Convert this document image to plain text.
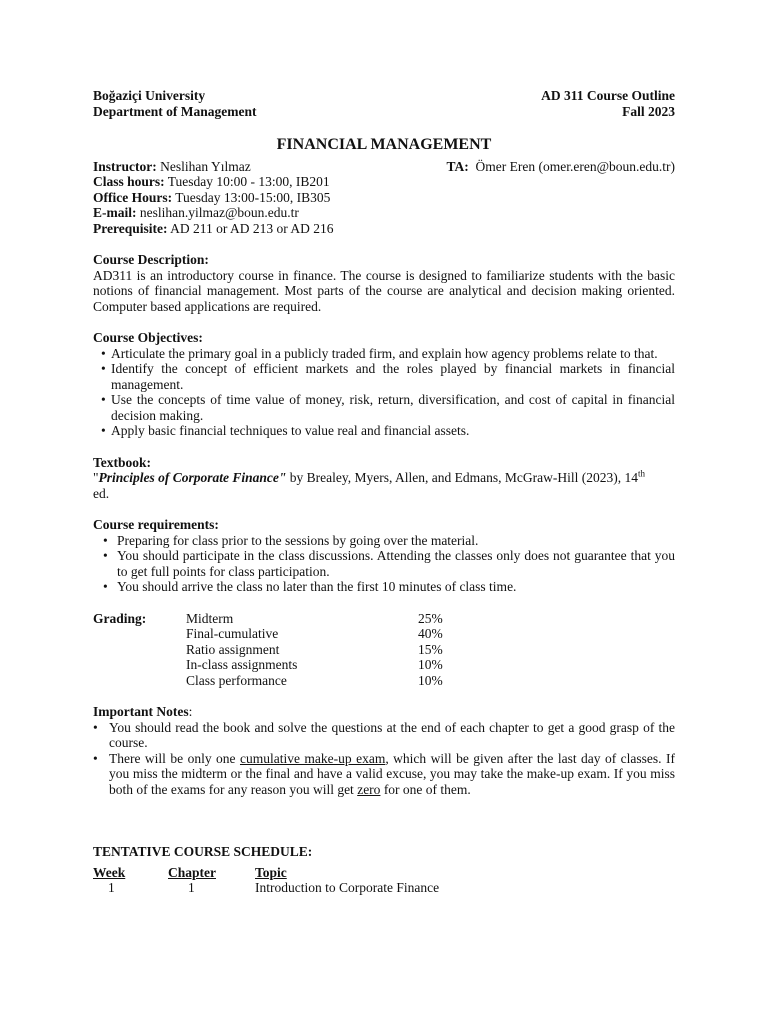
Boğaziçi University
Department of Management
AD 311 Course Outline
Fall 2023
FINANCIAL MANAGEMENT
Instructor: Neslihan Yılmaz	TA: Ömer Eren (omer.eren@boun.edu.tr)
Class hours: Tuesday 10:00 - 13:00, IB201
Office Hours: Tuesday 13:00-15:00, IB305
E-mail: neslihan.yilmaz@boun.edu.tr
Prerequisite: AD 211 or AD 213 or AD 216
Course Description:
AD311 is an introductory course in finance. The course is designed to familiarize students with the basic notions of financial management. Most parts of the course are analytical and decision making oriented. Computer based applications are required.
Course Objectives:
• Articulate the primary goal in a publicly traded firm, and explain how agency problems relate to that.
• Identify the concept of efficient markets and the roles played by financial markets in financial management.
• Use the concepts of time value of money, risk, return, diversification, and cost of capital in financial decision making.
• Apply basic financial techniques to value real and financial assets.
Textbook:
"Principles of Corporate Finance" by Brealey, Myers, Allen, and Edmans, McGraw-Hill (2023), 14th
ed.
Course requirements:
• Preparing for class prior to the sessions by going over the material.
• You should participate in the class discussions. Attending the classes only does not guarantee that you to get full points for class participation.
• You should arrive the class no later than the first 10 minutes of class time.
Grading:	Midterm	25%
Final-cumulative	40%
Ratio assignment	15%
In-class assignments	10%
Class performance	10%
Important Notes:
• You should read the book and solve the questions at the end of each chapter to get a good grasp of the course.
• There will be only one cumulative make-up exam, which will be given after the last day of classes. If you miss the midterm or the final and have a valid excuse, you may take the make-up exam. If you miss both of the exams for any reason you will get zero for one of them.
TENTATIVE COURSE SCHEDULE:
Week	Chapter	Topic
1	1	Introduction to Corporate Finance
